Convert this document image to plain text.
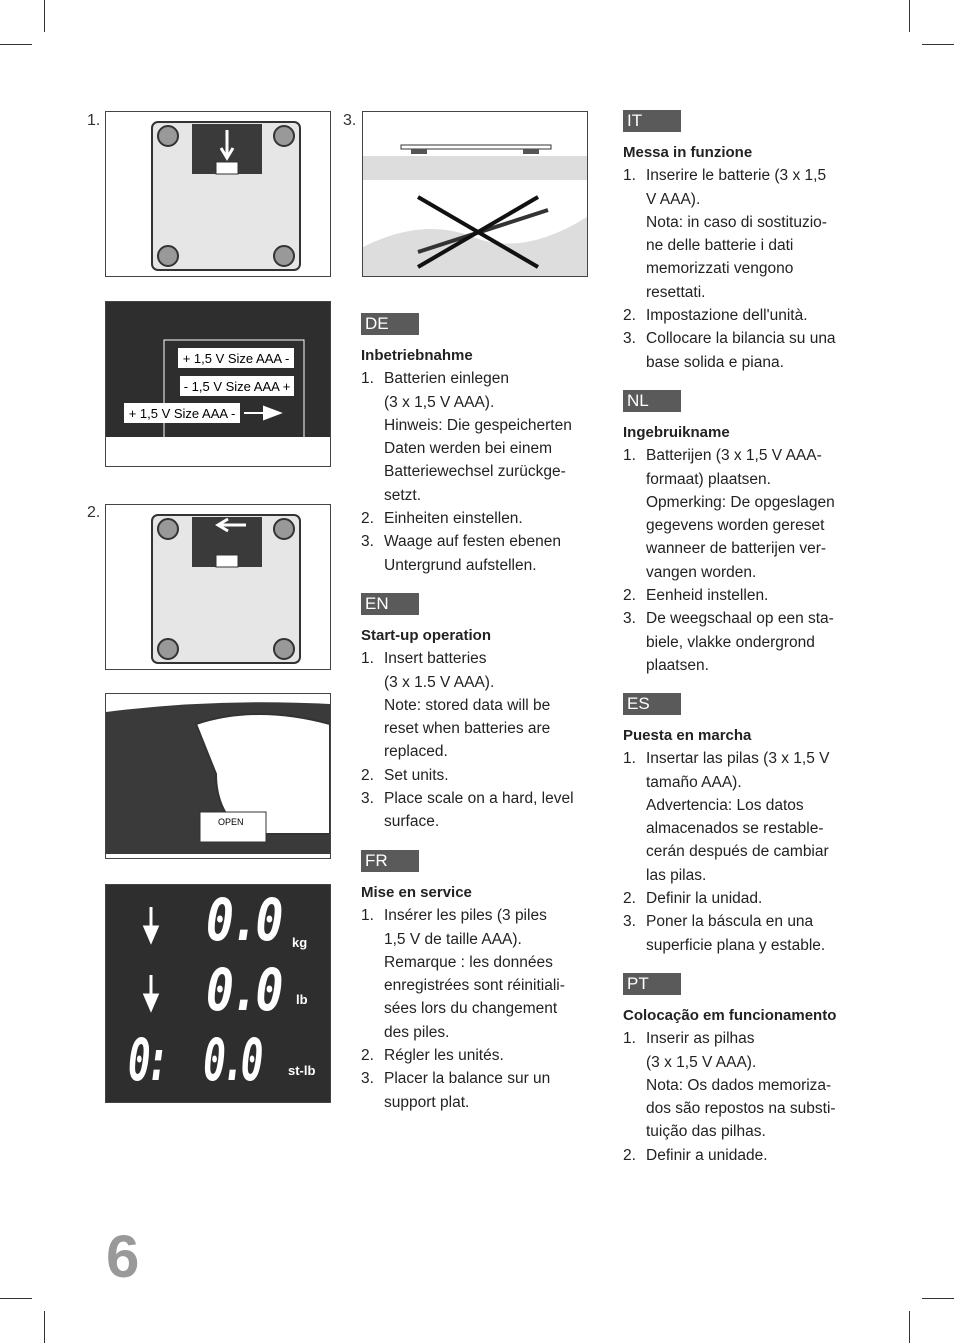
1.	3.
+ 1,5 V Size AAA -
- 1,5 V Size AAA +
+ 1,5 V Size AAA -
2.
OPEN
0.0
0.0
0:  0.0
kg
lb
st-lb
DE
Inbetriebnahme
1. Batterien einlegen
(3 x 1,5 V AAA).
Hinweis: Die gespeicherten
Daten werden bei einem
Batteriewechsel zurückge-
setzt.
2. Einheiten einstellen.
3. Waage auf festen ebenen
Untergrund aufstellen.
EN
Start-up operation
1. Insert batteries
(3 x 1.5 V AAA).
Note: stored data will be
reset when batteries are
replaced.
2. Set units.
3. Place scale on a hard, level
surface.
FR
Mise en service
1. Insérer les piles (3 piles
1,5 V de taille AAA).
Remarque : les données
enregistrées sont réinitiali-
sées lors du changement
des piles.
2. Régler les unités.
3. Placer la balance sur un
support plat.
IT
Messa in funzione
1. Inserire le batterie (3 x 1,5
V AAA).
Nota: in caso di sostituzio-
ne delle batterie i dati
memorizzati vengono
resettati.
2. Impostazione dell'unità.
3. Collocare la bilancia su una
base solida e piana.
NL
Ingebruikname
1. Batterijen (3 x 1,5 V AAA-
formaat) plaatsen.
Opmerking: De opgeslagen
gegevens worden gereset
wanneer de batterijen ver-
vangen worden.
2. Eenheid instellen.
3. De weegschaal op een sta-
biele, vlakke ondergrond
plaatsen.
ES
Puesta en marcha
1. Insertar las pilas (3 x 1,5 V
tamaño AAA).
Advertencia: Los datos
almacenados se restable-
cerán después de cambiar
las pilas.
2. Definir la unidad.
3. Poner la báscula en una
superficie plana y estable.
PT
Colocação em funcionamento
1. Inserir as pilhas
(3 x 1,5 V AAA).
Nota: Os dados memoriza-
dos são repostos na substi-
tuição das pilhas.
2. Definir a unidade.
6
